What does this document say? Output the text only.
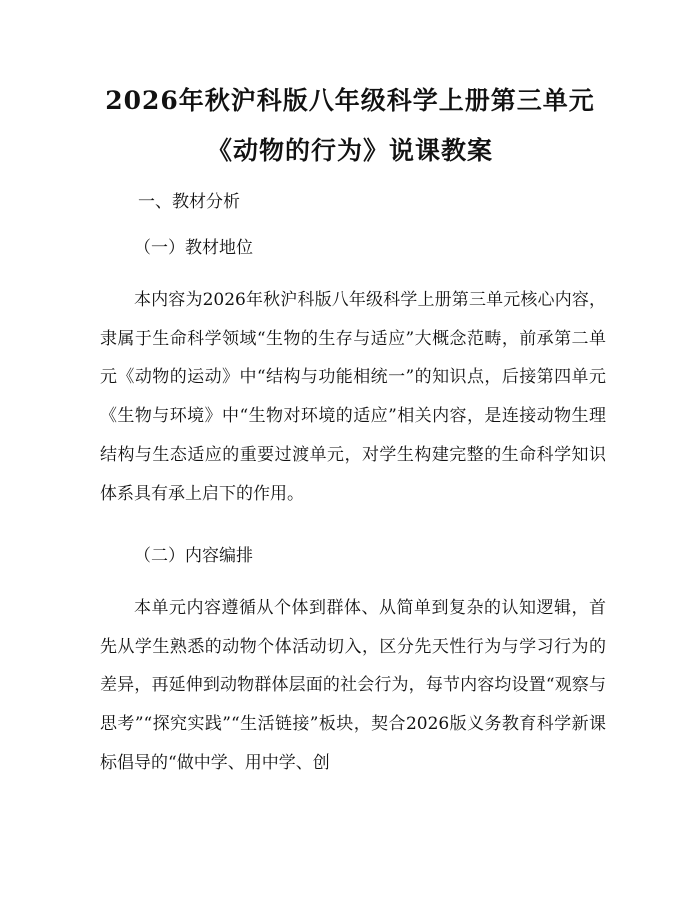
2026年秋沪科版八年级科学上册第三单元
《动物的行为》说课教案
一、教材分析
（一）教材地位

本内容为2026年秋沪科版八年级科学上册第三单元核心内容，隶属于生命科学领域“生物的生存与适应”大概念范畴，前承第二单元《动物的运动》中“结构与功能相统一”的知识点，后接第四单元《生物与环境》中“生物对环境的适应”相关内容，是连接动物生理结构与生态适应的重要过渡单元，对学生构建完整的生命科学知识体系具有承上启下的作用。

（二）内容编排

本单元内容遵循从个体到群体、从简单到复杂的认知逻辑，首先从学生熟悉的动物个体活动切入，区分先天性行为与学习行为的差异，再延伸到动物群体层面的社会行为，每节内容均设置“观察与思考”“探究实践”“生活链接”板块，契合2026版义务教育科学新课标倡导的“做中学、用中学、创
